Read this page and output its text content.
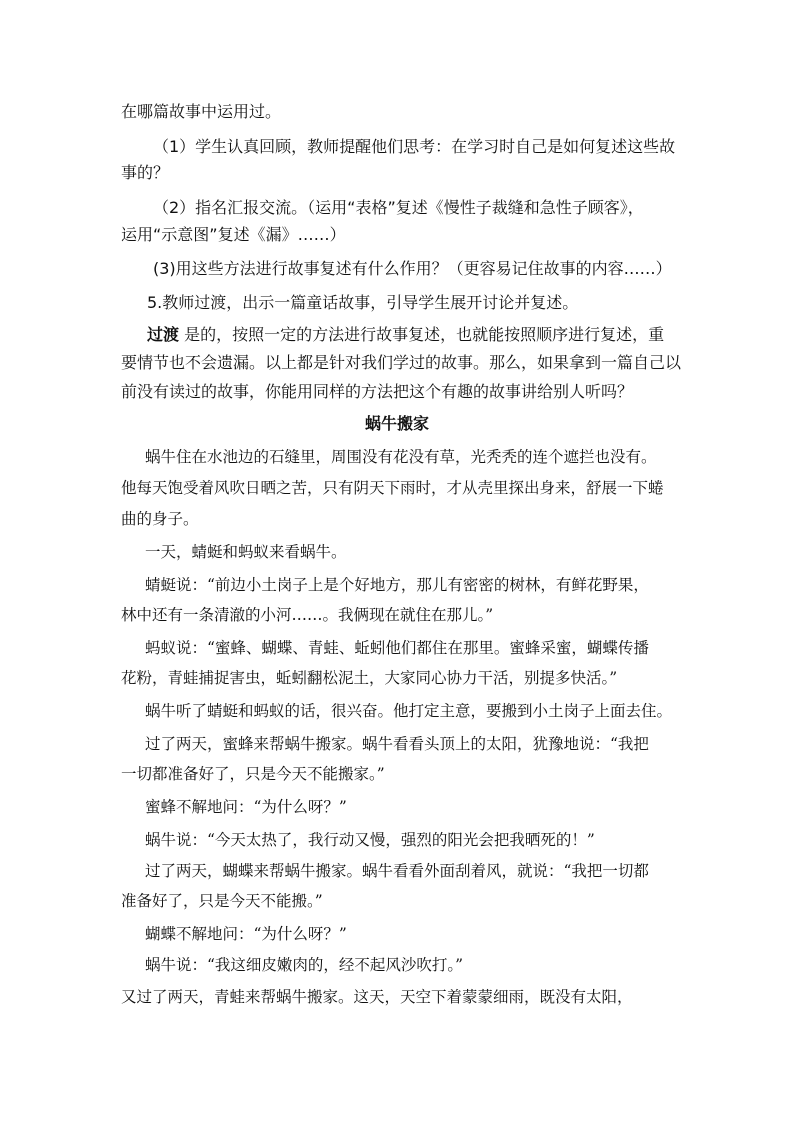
在哪篇故事中运用过。
（1）学生认真回顾，教师提醒他们思考：在学习时自己是如何复述这些故
事的？
（2）指名汇报交流。（运用“表格”复述《慢性子裁缝和急性子顾客》，
运用“示意图”复述《漏》……）
(3)用这些方法进行故事复述有什么作用？（更容易记住故事的内容……）
5.教师过渡，出示一篇童话故事，引导学生展开讨论并复述。
过渡 是的，按照一定的方法进行故事复述，也就能按照顺序进行复述，重
要情节也不会遗漏。以上都是针对我们学过的故事。那么，如果拿到一篇自己以
前没有读过的故事，你能用同样的方法把这个有趣的故事讲给别人听吗？
蜗牛搬家
蜗牛住在水池边的石缝里，周围没有花没有草，光秃秃的连个遮拦也没有。
他每天饱受着风吹日晒之苦，只有阴天下雨时，才从壳里探出身来，舒展一下蜷
曲的身子。
一天，蜻蜓和蚂蚁来看蜗牛。
蜻蜓说：“前边小土岗子上是个好地方，那儿有密密的树林，有鲜花野果，
林中还有一条清澈的小河……。我俩现在就住在那儿。”
蚂蚁说：“蜜蜂、蝴蝶、青蛙、蚯蚓他们都住在那里。蜜蜂采蜜，蝴蝶传播
花粉，青蛙捕捉害虫，蚯蚓翻松泥土，大家同心协力干活，别提多快活。”
蜗牛听了蜻蜓和蚂蚁的话，很兴奋。他打定主意，要搬到小土岗子上面去住。
过了两天，蜜蜂来帮蜗牛搬家。蜗牛看看头顶上的太阳，犹豫地说：“我把
一切都准备好了，只是今天不能搬家。”
蜜蜂不解地问：“为什么呀？”
蜗牛说：“今天太热了，我行动又慢，强烈的阳光会把我晒死的！”
过了两天，蝴蝶来帮蜗牛搬家。蜗牛看看外面刮着风，就说：“我把一切都
准备好了，只是今天不能搬。”
蝴蝶不解地问：“为什么呀？”
蜗牛说：“我这细皮嫩肉的，经不起风沙吹打。”
又过了两天，青蛙来帮蜗牛搬家。这天，天空下着蒙蒙细雨，既没有太阳，
